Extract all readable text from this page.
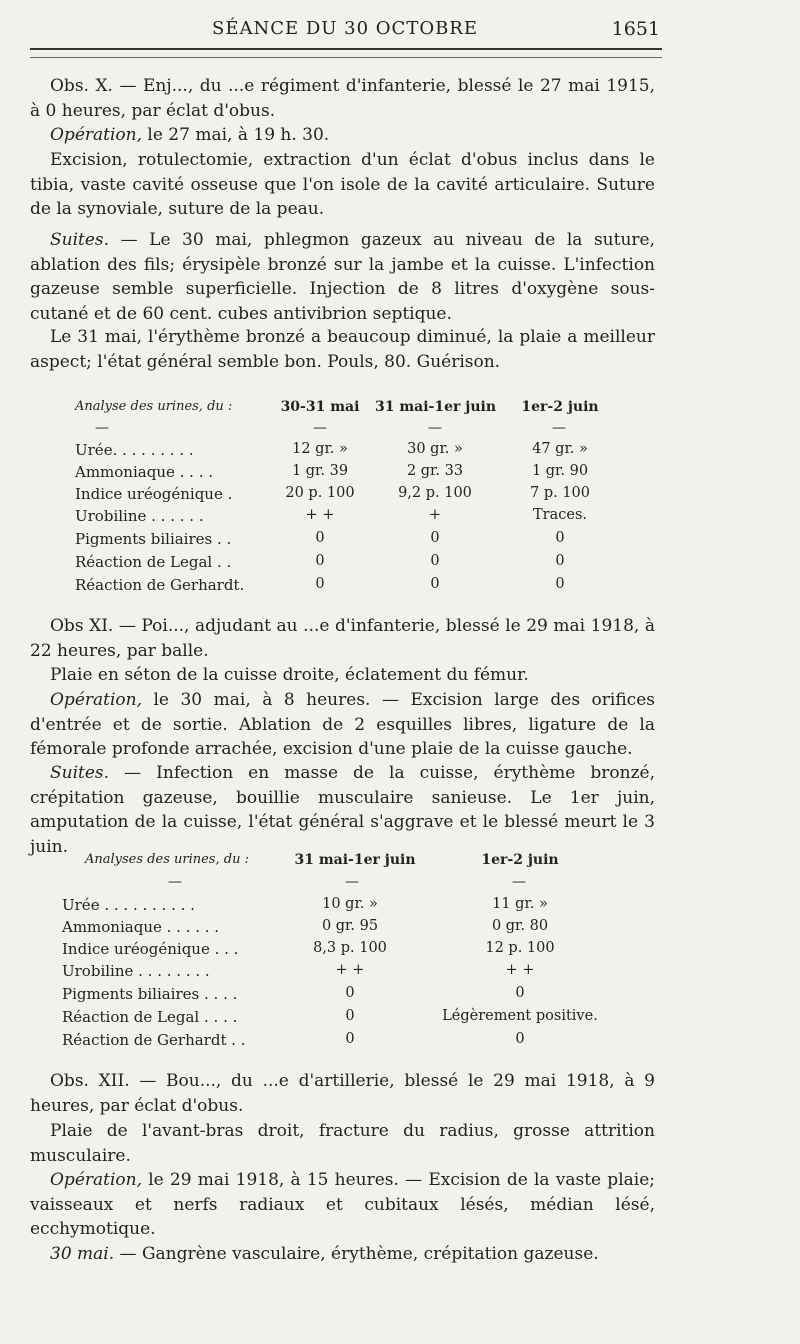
SÉANCE DU 30 OCTOBRE	1651

Obs. X. — Enj..., du ...e régiment d'infanterie, blessé le 27 mai 1915, à 0 heures, par éclat d'obus.

Opération, le 27 mai, à 19 h. 30.

Excision, rotulectomie, extraction d'un éclat d'obus inclus dans le tibia, vaste cavité osseuse que l'on isole de la cavité articulaire. Suture de la synoviale, suture de la peau.

Suites. — Le 30 mai, phlegmon gazeux au niveau de la suture, ablation des fils; érysipèle bronzé sur la jambe et la cuisse. L'infection gazeuse semble superficielle. Injection de 8 litres d'oxygène sous-cutané et de 60 cent. cubes antivibrion septique.

Le 31 mai, l'érythème bronzé a beaucoup diminué, la plaie a meilleur aspect; l'état général semble bon. Pouls, 80. Guérison.

Analyse des urines, du :	30-31 mai	31 mai-1er juin	1er-2 juin
—	—	—	—
Urée. . . . . . . . .	12 gr. »	30 gr. »	47 gr. »
Ammoniaque . . . .	1 gr. 39	2 gr. 33	1 gr. 90
Indice uréogénique .	20 p. 100	9,2 p. 100	7 p. 100
Urobiline . . . . . .	+ +	+	Traces.
Pigments biliaires . .	0	0	0
Réaction de Legal . .	0	0	0
Réaction de Gerhardt.	0	0	0

Obs XI. — Poi..., adjudant au ...e d'infanterie, blessé le 29 mai 1918, à 22 heures, par balle.

Plaie en séton de la cuisse droite, éclatement du fémur.

Opération, le 30 mai, à 8 heures. — Excision large des orifices d'entrée et de sortie. Ablation de 2 esquilles libres, ligature de la fémorale profonde arrachée, excision d'une plaie de la cuisse gauche.

Suites. — Infection en masse de la cuisse, érythème bronzé, crépitation gazeuse, bouillie musculaire sanieuse. Le 1er juin, amputation de la cuisse, l'état général s'aggrave et le blessé meurt le 3 juin.

Analyses des urines, du :	31 mai-1er juin	1er-2 juin
—	—	—
Urée . . . . . . . . . .	10 gr. »	11 gr. »
Ammoniaque . . . . . .	0 gr. 95	0 gr. 80
Indice uréogénique . . .	8,3 p. 100	12 p. 100
Urobiline . . . . . . . .	+ +	+ +
Pigments biliaires . . . .	0	0
Réaction de Legal . . . .	0	Légèrement positive.
Réaction de Gerhardt . .	0	0

Obs. XII. — Bou..., du ...e d'artillerie, blessé le 29 mai 1918, à 9 heures, par éclat d'obus.

Plaie de l'avant-bras droit, fracture du radius, grosse attrition musculaire.

Opération, le 29 mai 1918, à 15 heures. — Excision de la vaste plaie; vaisseaux et nerfs radiaux et cubitaux lésés, médian lésé, ecchymotique.

30 mai. — Gangrène vasculaire, érythème, crépitation gazeuse.
